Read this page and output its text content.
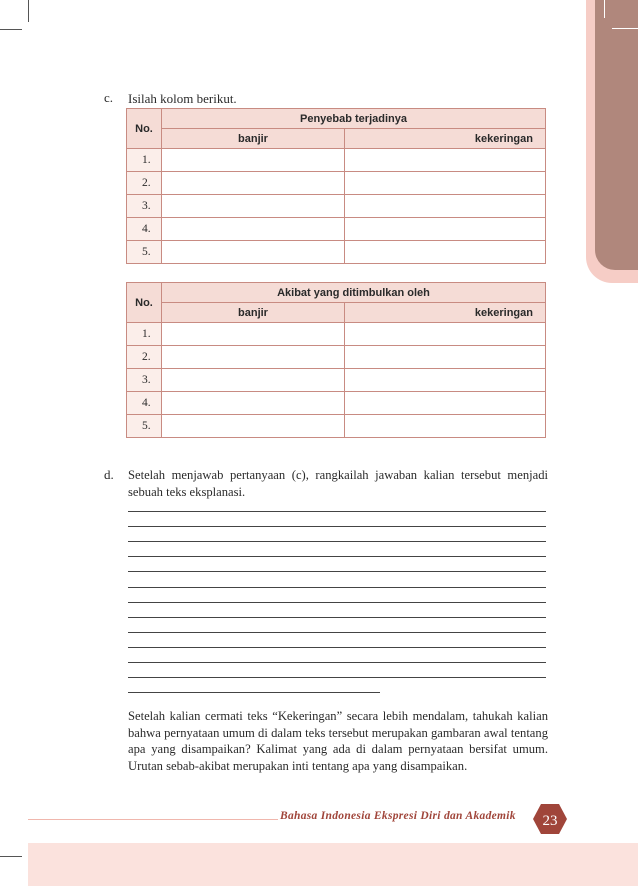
c. Isilah kolom berikut.
No.	Penyebab terjadinya	
	banjir	kekeringan
1.		
2.		
3.		
4.		
5.		
No.	Akibat yang ditimbulkan oleh	
	banjir	kekeringan
1.		
2.		
3.		
4.		
5.		
d. Setelah menjawab pertanyaan (c), rangkailah jawaban kalian tersebut menjadi sebuah teks eksplanasi.
Setelah kalian cermati teks “Kekeringan” secara lebih mendalam, tahukah kalian bahwa pernyataan umum di dalam teks tersebut merupakan gambaran awal tentang apa yang disampaikan? Kalimat yang ada di dalam pernyataan bersifat umum. Urutan sebab-akibat merupakan inti tentang apa yang disampaikan.
Bahasa Indonesia Ekspresi Diri dan Akademik 23
